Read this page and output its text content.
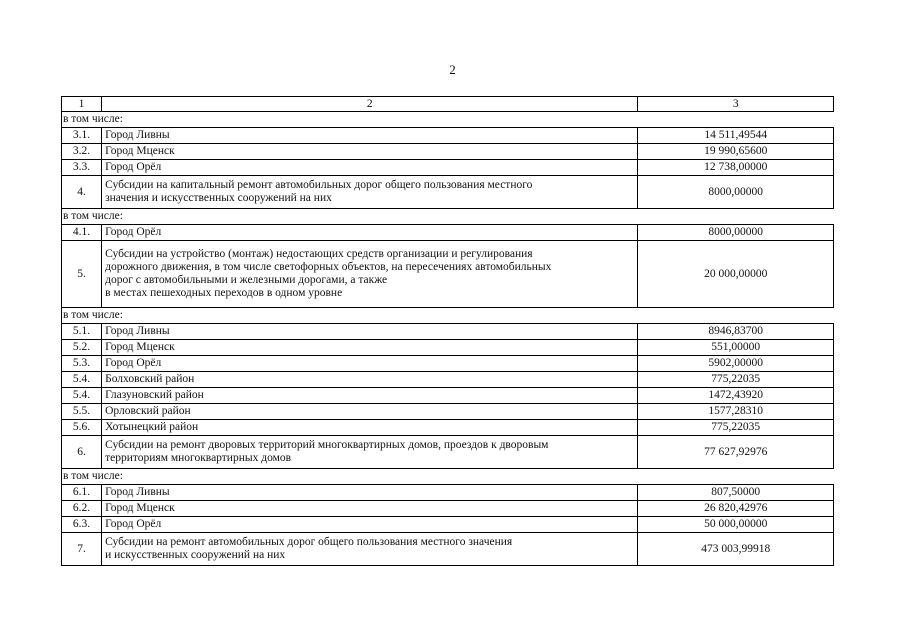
2
1	2	3
в том числе:		
3.1.	Город Ливны	14 511,49544
3.2.	Город Мценск	19 990,65600
3.3.	Город Орёл	12 738,00000
4.	Субсидии на капитальный ремонт автомобильных дорог общего пользования местного
значения и искусственных сооружений на них	8000,00000
в том числе:		
4.1.	Город Орёл	8000,00000
5.	Субсидии на устройство (монтаж) недостающих средств организации и регулирования
дорожного движения, в том числе светофорных объектов, на пересечениях автомобильных
дорог с автомобильными и железными дорогами, а также
в местах пешеходных переходов в одном уровне	20 000,00000
в том числе:		
5.1.	Город Ливны	8946,83700
5.2.	Город Мценск	551,00000
5.3.	Город Орёл	5902,00000
5.4.	Болховский район	775,22035
5.4.	Глазуновский район	1472,43920
5.5.	Орловский район	1577,28310
5.6.	Хотынецкий район	775,22035
6.	Субсидии на ремонт дворовых территорий многоквартирных домов, проездов к дворовым
территориям многоквартирных домов	77 627,92976
в том числе:		
6.1.	Город Ливны	807,50000
6.2.	Город Мценск	26 820,42976
6.3.	Город Орёл	50 000,00000
7.	Субсидии на ремонт автомобильных дорог общего пользования местного значения
и искусственных сооружений на них	473 003,99918
